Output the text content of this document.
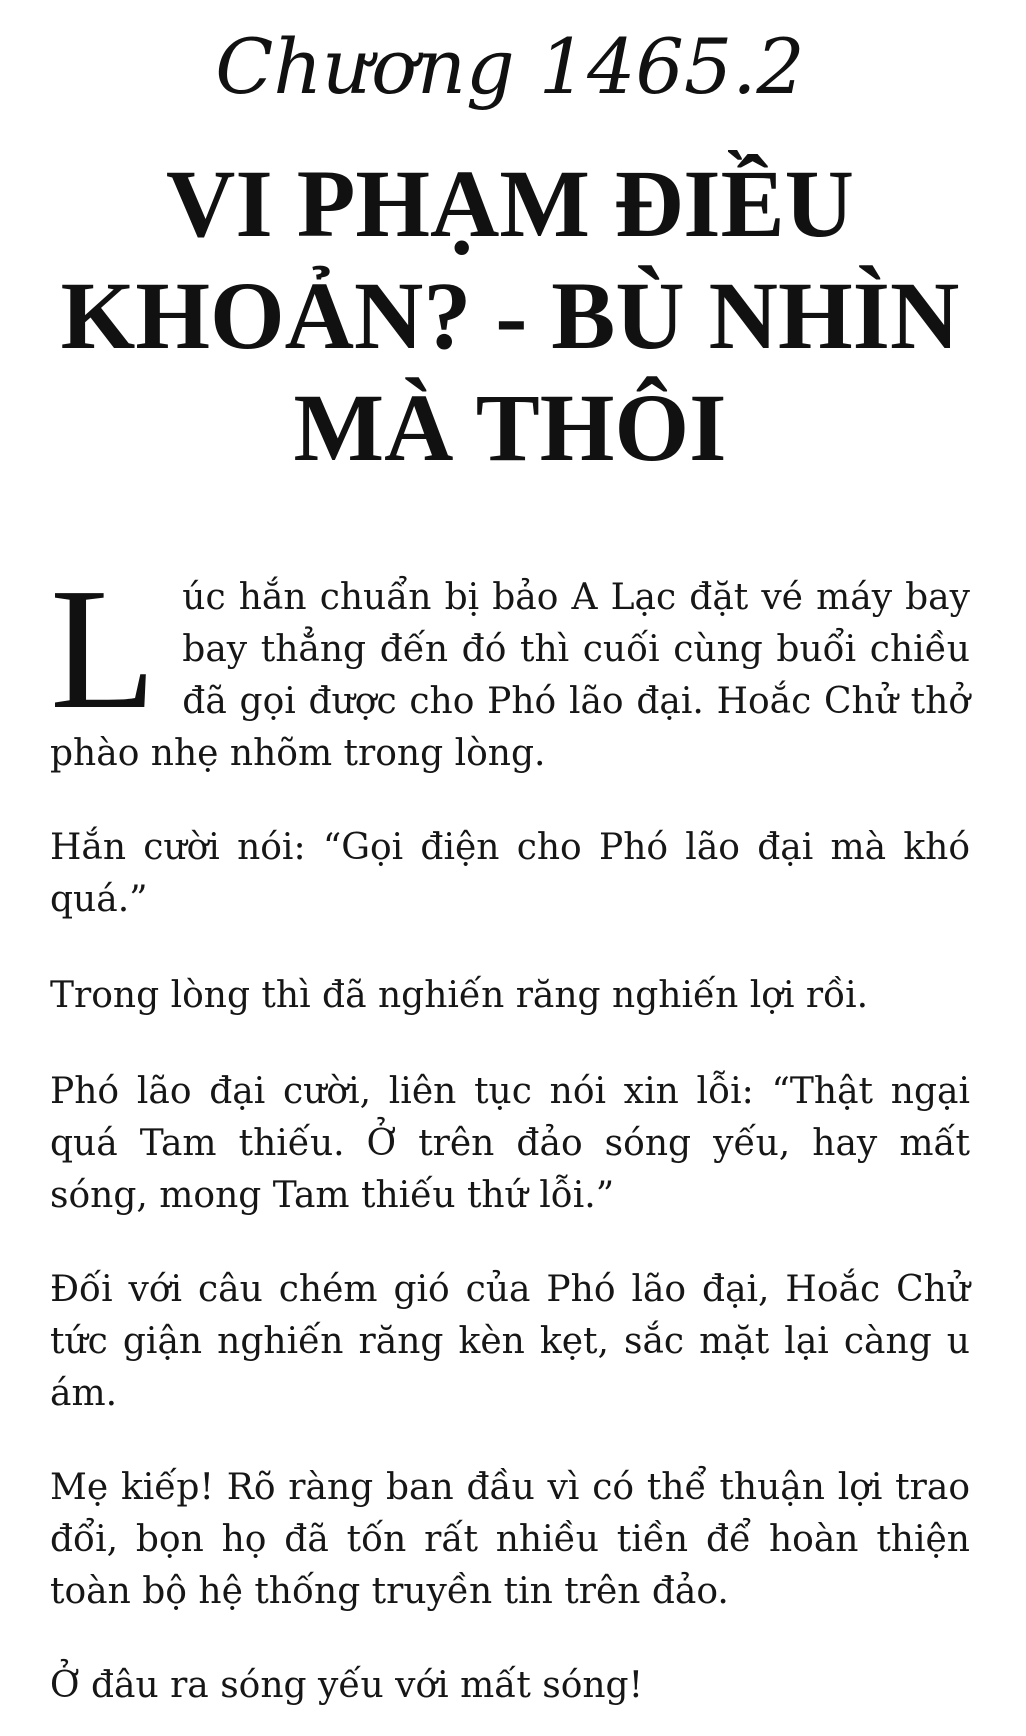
Chương 1465.2
VI PHẠM ĐIỀU KHOẢN? - BÙ NHÌN MÀ THÔI

Lúc hắn chuẩn bị bảo A Lạc đặt vé máy bay bay thẳng đến đó thì cuối cùng buổi chiều đã gọi được cho Phó lão đại. Hoắc Chử thở phào nhẹ nhõm trong lòng.

Hắn cười nói: “Gọi điện cho Phó lão đại mà khó quá.”

Trong lòng thì đã nghiến răng nghiến lợi rồi.

Phó lão đại cười, liên tục nói xin lỗi: “Thật ngại quá Tam thiếu. Ở trên đảo sóng yếu, hay mất sóng, mong Tam thiếu thứ lỗi.”

Đối với câu chém gió của Phó lão đại, Hoắc Chử tức giận nghiến răng kèn kẹt, sắc mặt lại càng u ám.

Mẹ kiếp! Rõ ràng ban đầu vì có thể thuận lợi trao đổi, bọn họ đã tốn rất nhiều tiền để hoàn thiện toàn bộ hệ thống truyền tin trên đảo.

Ở đâu ra sóng yếu với mất sóng!
